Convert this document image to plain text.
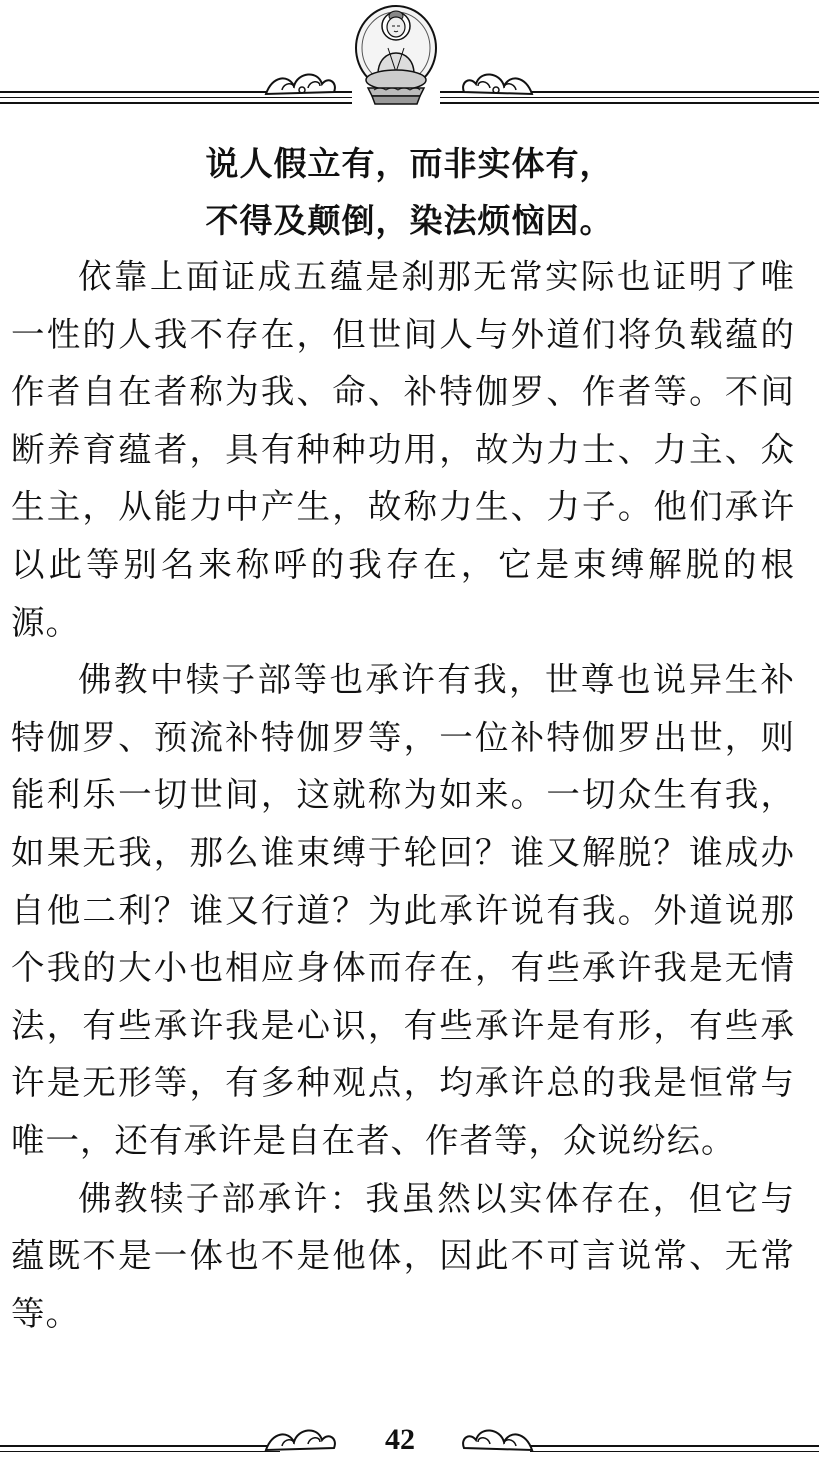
说人假立有，而非实体有，
不得及颠倒，染法烦恼因。

依靠上面证成五蕴是刹那无常实际也证明了唯一性的人我不存在，但世间人与外道们将负载蕴的作者自在者称为我、命、补特伽罗、作者等。不间断养育蕴者，具有种种功用，故为力士、力主、众生主，从能力中产生，故称力生、力子。他们承许以此等别名来称呼的我存在，它是束缚解脱的根源。

佛教中犊子部等也承许有我，世尊也说异生补特伽罗、预流补特伽罗等，一位补特伽罗出世，则能利乐一切世间，这就称为如来。一切众生有我，如果无我，那么谁束缚于轮回？谁又解脱？谁成办自他二利？谁又行道？为此承许说有我。外道说那个我的大小也相应身体而存在，有些承许我是无情法，有些承许我是心识，有些承许是有形，有些承许是无形等，有多种观点，均承许总的我是恒常与唯一，还有承许是自在者、作者等，众说纷纭。

佛教犊子部承许：我虽然以实体存在，但它与蕴既不是一体也不是他体，因此不可言说常、无常等。

42
